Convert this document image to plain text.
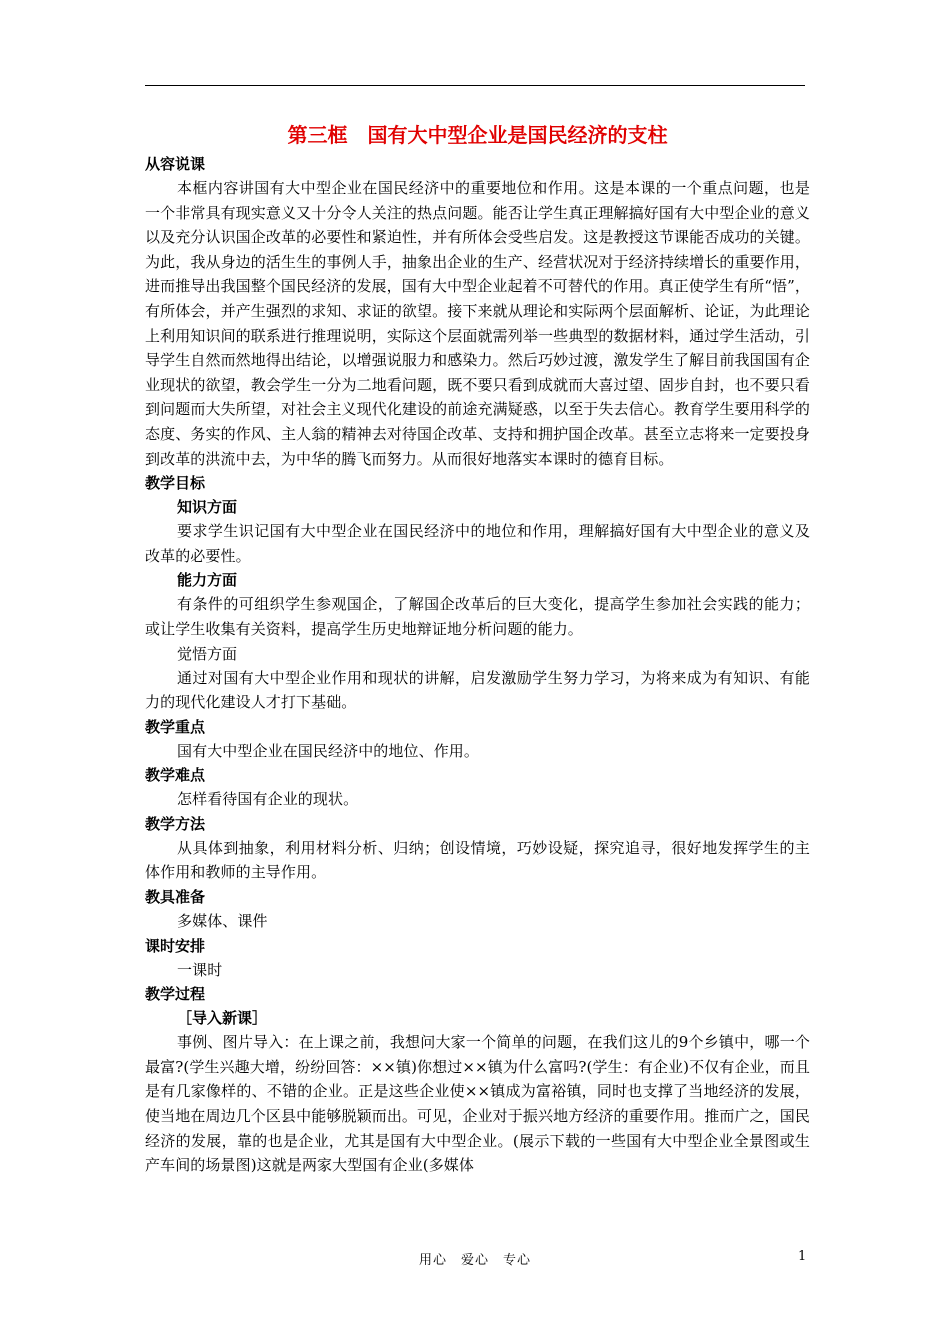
第三框　国有大中型企业是国民经济的支柱
从容说课
本框内容讲国有大中型企业在国民经济中的重要地位和作用。这是本课的一个重点问题，也是一个非常具有现实意义又十分令人关注的热点问题。能否让学生真正理解搞好国有大中型企业的意义以及充分认识国企改革的必要性和紧迫性，并有所体会受些启发。这是教授这节课能否成功的关键。为此，我从身边的活生生的事例人手，抽象出企业的生产、经营状况对于经济持续增长的重要作用，进而推导出我国整个国民经济的发展，国有大中型企业起着不可替代的作用。真正使学生有所“悟”，有所体会，并产生强烈的求知、求证的欲望。接下来就从理论和实际两个层面解析、论证，为此理论上利用知识间的联系进行推理说明，实际这个层面就需列举一些典型的数据材料，通过学生活动，引导学生自然而然地得出结论，以增强说服力和感染力。然后巧妙过渡，激发学生了解目前我国国有企业现状的欲望，教会学生一分为二地看问题，既不要只看到成就而大喜过望、固步自封，也不要只看到问题而大失所望，对社会主义现代化建设的前途充满疑惑，以至于失去信心。教育学生要用科学的态度、务实的作风、主人翁的精神去对待国企改革、支持和拥护国企改革。甚至立志将来一定要投身到改革的洪流中去，为中华的腾飞而努力。从而很好地落实本课时的德育目标。
教学目标
知识方面
要求学生识记国有大中型企业在国民经济中的地位和作用，理解搞好国有大中型企业的意义及改革的必要性。
能力方面
有条件的可组织学生参观国企，了解国企改革后的巨大变化，提高学生参加社会实践的能力；或让学生收集有关资料，提高学生历史地辩证地分析问题的能力。
觉悟方面
通过对国有大中型企业作用和现状的讲解，启发激励学生努力学习，为将来成为有知识、有能力的现代化建设人才打下基础。
教学重点
国有大中型企业在国民经济中的地位、作用。
教学难点
怎样看待国有企业的现状。
教学方法
从具体到抽象，利用材料分析、归纳；创设情境，巧妙设疑，探究追寻，很好地发挥学生的主体作用和教师的主导作用。
教具准备
多媒体、课件
课时安排
一课时
教学过程
［导入新课］
事例、图片导入：在上课之前，我想问大家一个简单的问题，在我们这儿的9个乡镇中，哪一个最富?(学生兴趣大增，纷纷回答：××镇)你想过××镇为什么富吗?(学生：有企业)不仅有企业，而且是有几家像样的、不错的企业。正是这些企业使××镇成为富裕镇，同时也支撑了当地经济的发展，使当地在周边几个区县中能够脱颖而出。可见，企业对于振兴地方经济的重要作用。推而广之，国民经济的发展，靠的也是企业，尤其是国有大中型企业。(展示下载的一些国有大中型企业全景图或生产车间的场景图)这就是两家大型国有企业(多媒体
用心　爱心　专心	1
